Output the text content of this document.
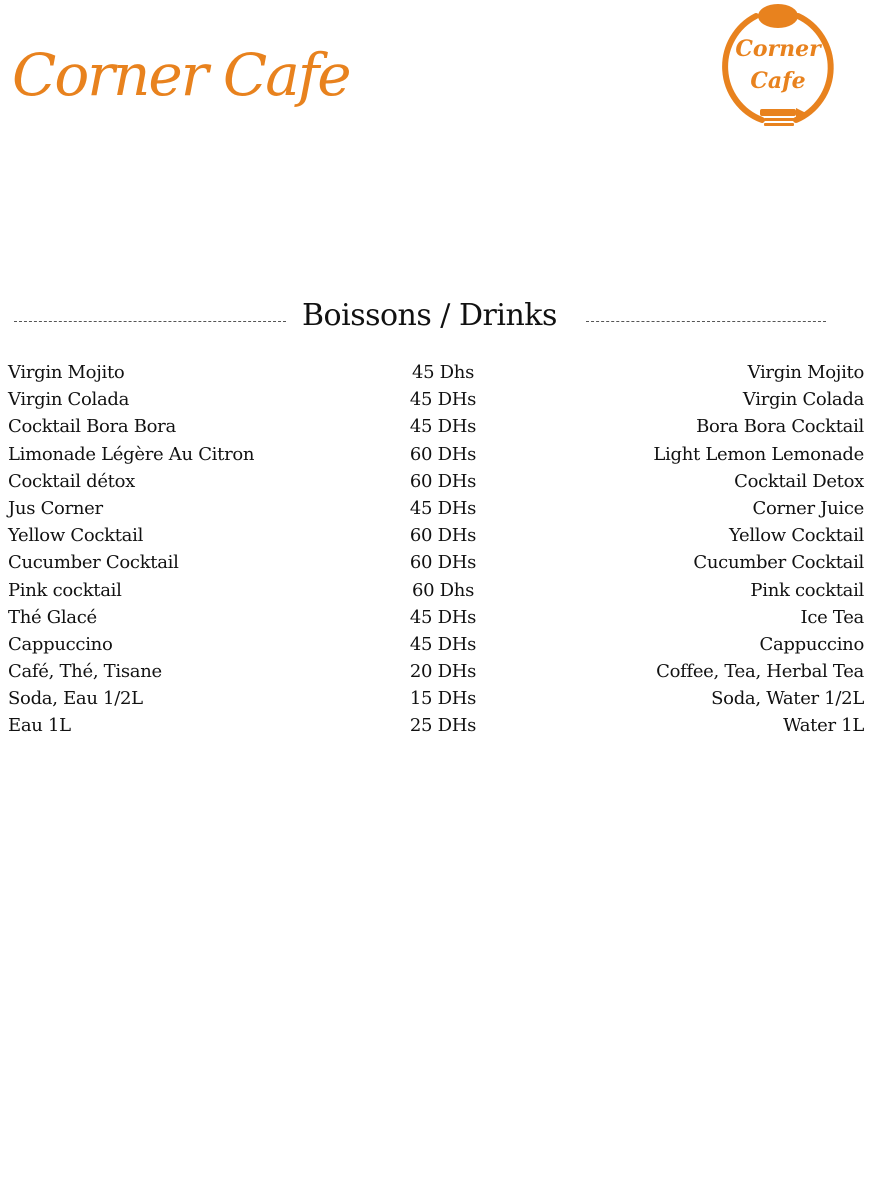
Corner Cafe	Corner
Cafe
Boissons / Drinks
Virgin Mojito	45 Dhs	Virgin Mojito
Virgin Colada	45 DHs	Virgin Colada
Cocktail Bora Bora	45 DHs	Bora Bora Cocktail
Limonade Légère Au Citron	60 DHs	Light Lemon Lemonade
Cocktail détox	60 DHs	Cocktail Detox
Jus Corner	45 DHs	Corner Juice
Yellow Cocktail	60 DHs	Yellow Cocktail
Cucumber Cocktail	60 DHs	Cucumber Cocktail
Pink cocktail	60 Dhs	Pink cocktail
Thé Glacé	45 DHs	Ice Tea
Cappuccino	45 DHs	Cappuccino
Café, Thé, Tisane	20 DHs	Coffee, Tea, Herbal Tea
Soda, Eau 1/2L	15 DHs	Soda, Water 1/2L
Eau 1L	25 DHs	Water 1L
